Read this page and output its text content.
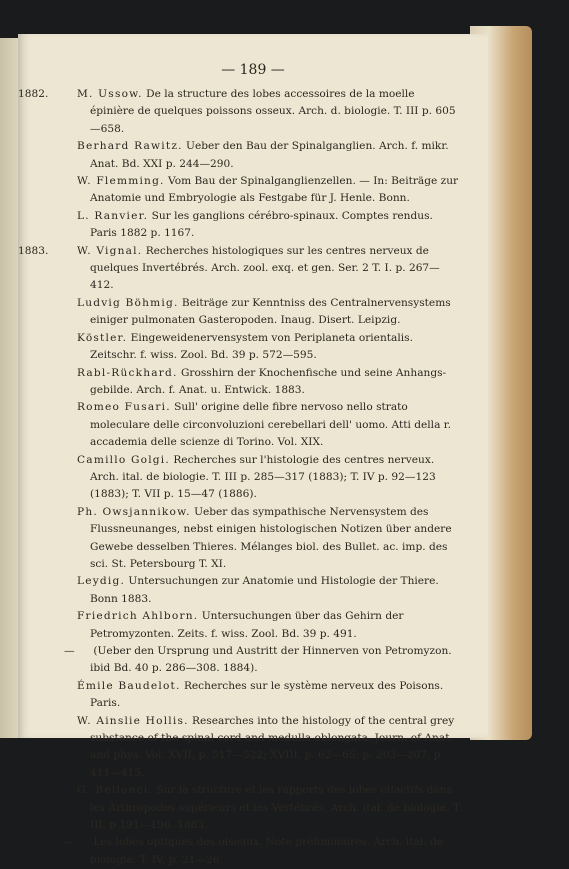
— 189 —

1882.	M. Ussow. De la structure des lobes accessoires de la moelle épinière de quelques poissons osseux. Arch. d. biologie. T. III p. 605—658.

Berhard Rawitz. Ueber den Bau der Spinalganglien. Arch. f. mikr. Anat. Bd. XXI p. 244—290.

W. Flemming. Vom Bau der Spinalganglienzellen. — In: Beiträge zur Anatomie und Embryologie als Festgabe für J. Henle. Bonn.

L. Ranvier. Sur les ganglions cérébro-spinaux. Comptes rendus. Paris 1882 p. 1167.

1883.	W. Vignal. Recherches histologiques sur les centres nerveux de quelques Invertébrés. Arch. zool. exq. et gen. Ser. 2 T. I. p. 267—412.

Ludvig Böhmig. Beiträge zur Kenntniss des Centralnervensystems einiger pulmonaten Gasteropoden. Inaug. Disert. Leipzig.

Köstler. Eingeweidenervensystem von Periplaneta orientalis. Zeitschr. f. wiss. Zool. Bd. 39 p. 572—595.

Rabl-Rückhard. Grosshirn der Knochenfische und seine Anhangs-gebilde. Arch. f. Anat. u. Entwick. 1883.

Romeo Fusari. Sull' origine delle fibre nervoso nello strato moleculare delle circonvoluzioni cerebellari dell' uomo. Atti della r. accademia delle scienze di Torino. Vol. XIX.

Camillo Golgi. Recherches sur l'histologie des centres nerveux. Arch. ital. de biologie. T. III p. 285—317 (1883); T. IV p. 92—123 (1883); T. VII p. 15—47 (1886).

Ph. Owsjannikow. Ueber das sympathische Nervensystem des Flussneunanges, nebst einigen histologischen Notizen über andere Gewebe desselben Thieres. Mélanges biol. des Bullet. ac. imp. des sci. St. Petersbourg T. XI.

Leydig. Untersuchungen zur Anatomie und Histologie der Thiere. Bonn 1883.

Friedrich Ahlborn. Untersuchungen über das Gehirn der Petromyzonten. Zeits. f. wiss. Zool. Bd. 39 p. 491.

— (Ueber den Ursprung und Austritt der Hinnerven von Petromyzon. ibid Bd. 40 p. 286—308. 1884).

Émile Baudelot. Recherches sur le système nerveux des Poisons. Paris.

W. Ainslie Hollis. Researches into the histology of the central grey substance of the spinal cord and medulla oblongata. Journ. of Anat. and phys. Vol. XVII, p. 517—522; XVIII, p. 62—65; p. 203—207, p. 411—415.

G. Bellonci. Sur la structure et les rapports des lobes olfactifs dans les Arthropodes supérieurs et les Vertébrés. Arch. ital. de biologie. T. III, p 191—196. 1883.

— Les lobes optiques des oiseaux. Note préliminaires. Arch. ital. de biologie. T. IV, p. 21—26.
